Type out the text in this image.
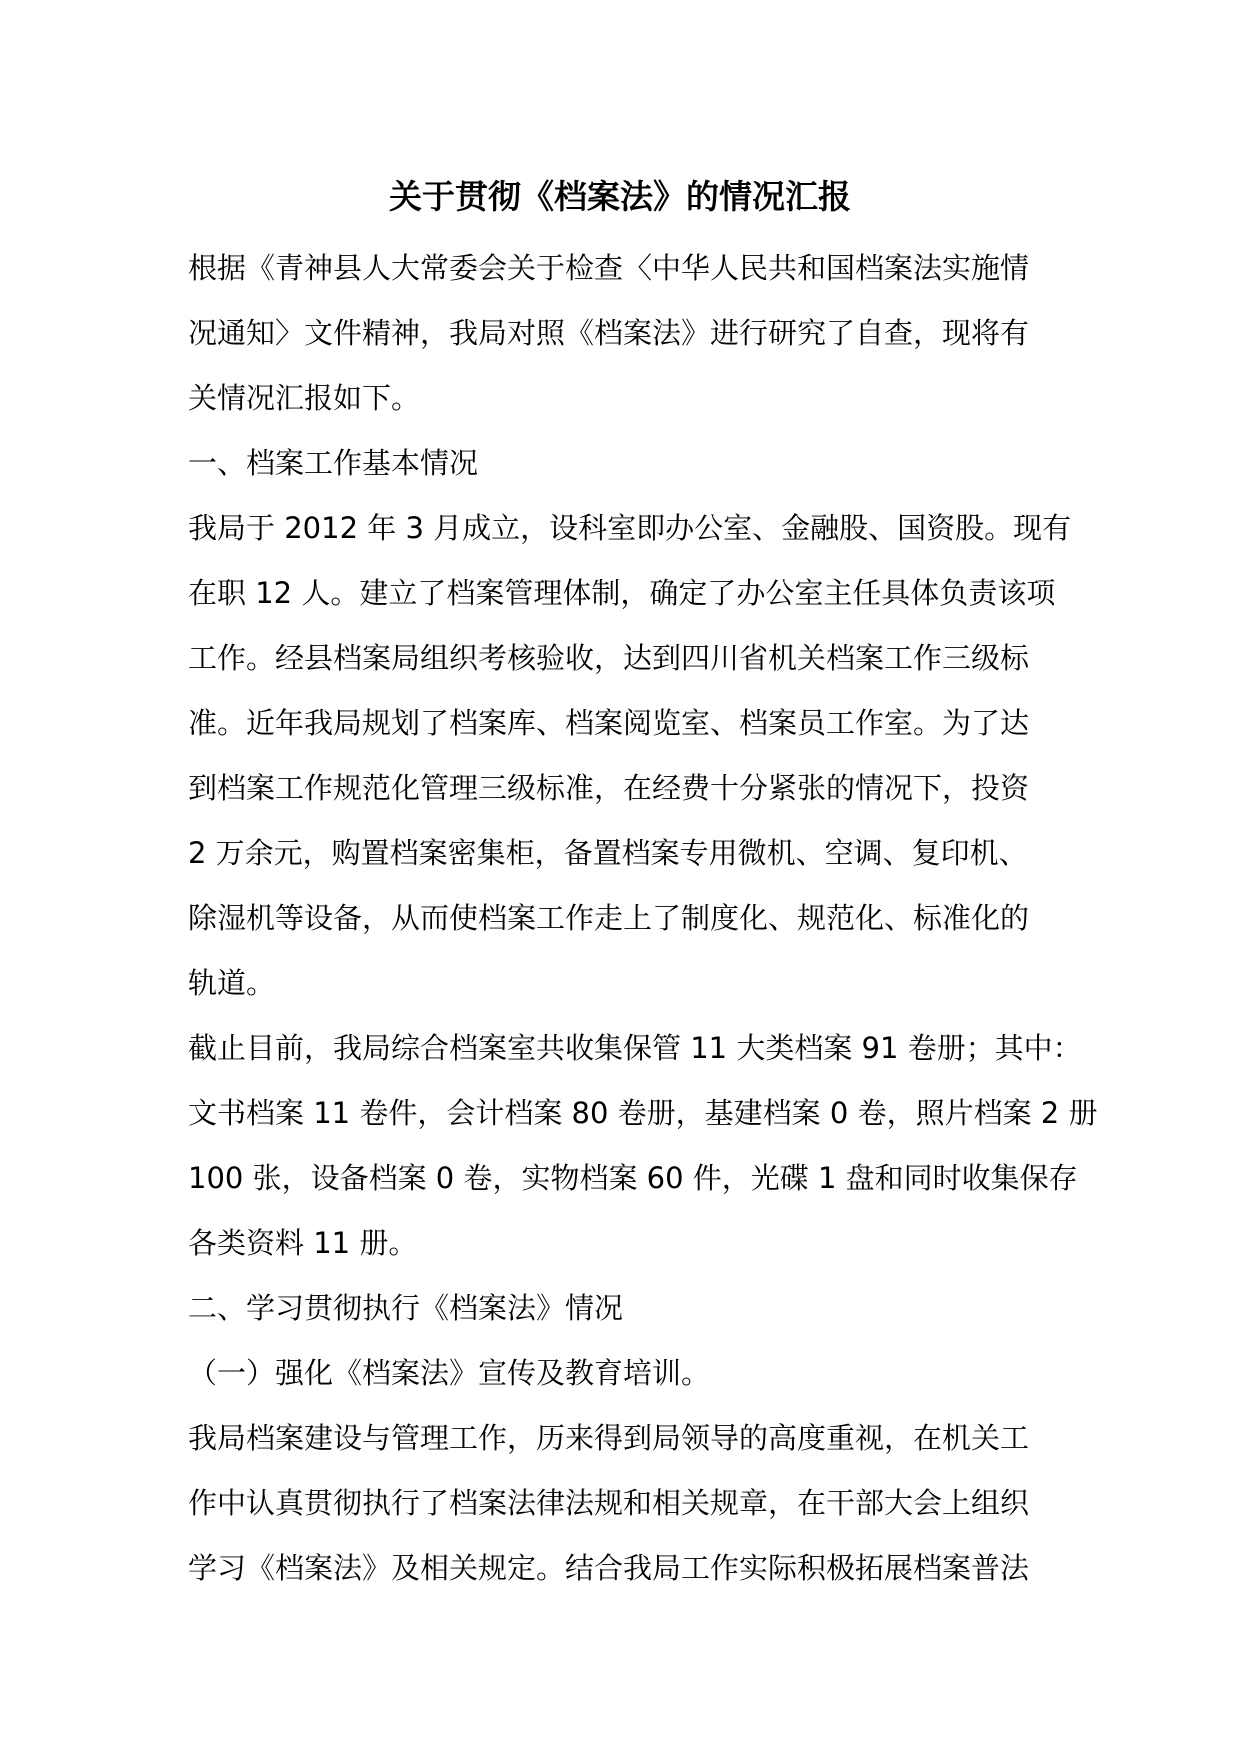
关于贯彻《档案法》的情况汇报
根据《青神县人大常委会关于检查〈中华人民共和国档案法实施情
况通知〉文件精神，我局对照《档案法》进行研究了自查，现将有
关情况汇报如下。
一、档案工作基本情况
我局于 2012 年 3 月成立，设科室即办公室、金融股、国资股。现有
在职 12 人。建立了档案管理体制，确定了办公室主任具体负责该项
工作。经县档案局组织考核验收，达到四川省机关档案工作三级标
准。近年我局规划了档案库、档案阅览室、档案员工作室。为了达
到档案工作规范化管理三级标准，在经费十分紧张的情况下，投资
2 万余元，购置档案密集柜，备置档案专用微机、空调、复印机、
除湿机等设备，从而使档案工作走上了制度化、规范化、标准化的
轨道。
截止目前，我局综合档案室共收集保管 11 大类档案 91 卷册；其中：
文书档案 11 卷件，会计档案 80 卷册，基建档案 0 卷，照片档案 2 册
100 张，设备档案 0 卷，实物档案 60 件，光碟 1 盘和同时收集保存
各类资料 11 册。
二、学习贯彻执行《档案法》情况
（一）强化《档案法》宣传及教育培训。
我局档案建设与管理工作，历来得到局领导的高度重视，在机关工
作中认真贯彻执行了档案法律法规和相关规章，在干部大会上组织
学习《档案法》及相关规定。结合我局工作实际积极拓展档案普法
